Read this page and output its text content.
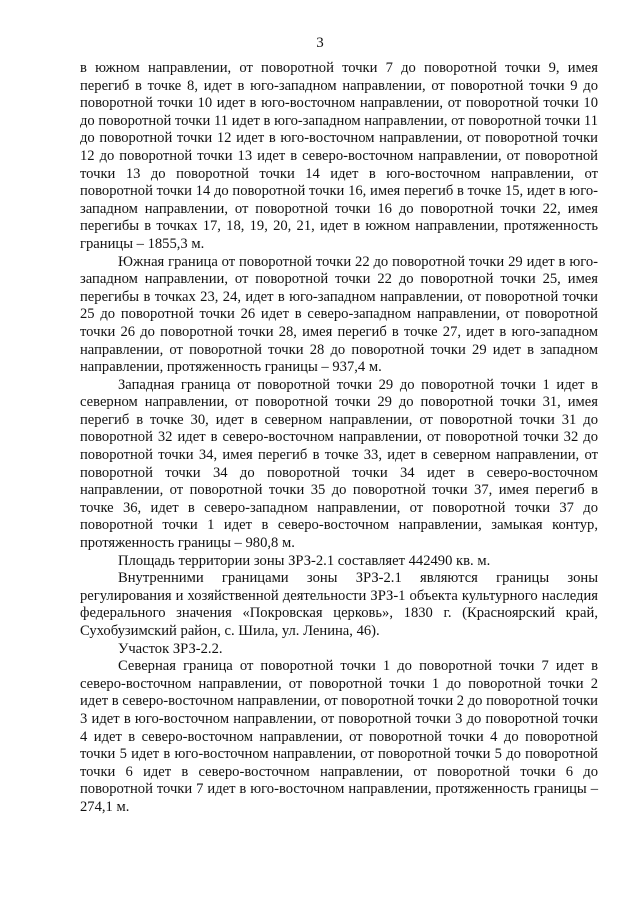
3

в южном направлении, от поворотной точки 7 до поворотной точки 9, имея перегиб в точке 8, идет в юго-западном направлении, от поворотной точки 9 до поворотной точки 10 идет в юго-восточном направлении, от поворотной точки 10 до поворотной точки 11 идет в юго-западном направлении, от поворотной точки 11 до поворотной точки 12 идет в юго-восточном направлении, от поворотной точки 12 до поворотной точки 13 идет в северо-восточном направлении, от поворотной точки 13 до поворотной точки 14 идет в юго-восточном направлении, от поворотной точки 14 до поворотной точки 16, имея перегиб в точке 15, идет в юго-западном направлении, от поворотной точки 16 до поворотной точки 22, имея перегибы в точках 17, 18, 19, 20, 21, идет в южном направлении, протяженность границы – 1855,3 м.

Южная граница от поворотной точки 22 до поворотной точки 29 идет в юго-западном направлении, от поворотной точки 22 до поворотной точки 25, имея перегибы в точках 23, 24, идет в юго-западном направлении, от поворотной точки 25 до поворотной точки 26 идет в северо-западном направлении, от поворотной точки 26 до поворотной точки 28, имея перегиб в точке 27, идет в юго-западном направлении, от поворотной точки 28 до поворотной точки 29 идет в западном направлении, протяженность границы – 937,4 м.

Западная граница от поворотной точки 29 до поворотной точки 1 идет в северном направлении, от поворотной точки 29 до поворотной точки 31, имея перегиб в точке 30, идет в северном направлении, от поворотной точки 31 до поворотной 32 идет в северо-восточном направлении, от поворотной точки 32 до поворотной точки 34, имея перегиб в точке 33, идет в северном направлении, от поворотной точки 34 до поворотной точки 34 идет в северо-восточном направлении, от поворотной точки 35 до поворотной точки 37, имея перегиб в точке 36, идет в северо-западном направлении, от поворотной точки 37 до поворотной точки 1 идет в северо-восточном направлении, замыкая контур, протяженность границы – 980,8 м.

Площадь территории зоны ЗРЗ-2.1 составляет 442490 кв. м.

Внутренними границами зоны ЗРЗ-2.1 являются границы зоны регулирования и хозяйственной деятельности ЗРЗ-1 объекта культурного наследия федерального значения «Покровская церковь», 1830 г. (Красноярский край, Сухобузимский район, с. Шила, ул. Ленина, 46).

Участок ЗРЗ-2.2.

Северная граница от поворотной точки 1 до поворотной точки 7 идет в северо-восточном направлении, от поворотной точки 1 до поворотной точки 2 идет в северо-восточном направлении, от поворотной точки 2 до поворотной точки 3 идет в юго-восточном направлении, от поворотной точки 3 до поворотной точки 4 идет в северо-восточном направлении, от поворотной точки 4 до поворотной точки 5 идет в юго-восточном направлении, от поворотной точки 5 до поворотной точки 6 идет в северо-восточном направлении, от поворотной точки 6 до поворотной точки 7 идет в юго-восточном направлении, протяженность границы – 274,1 м.
